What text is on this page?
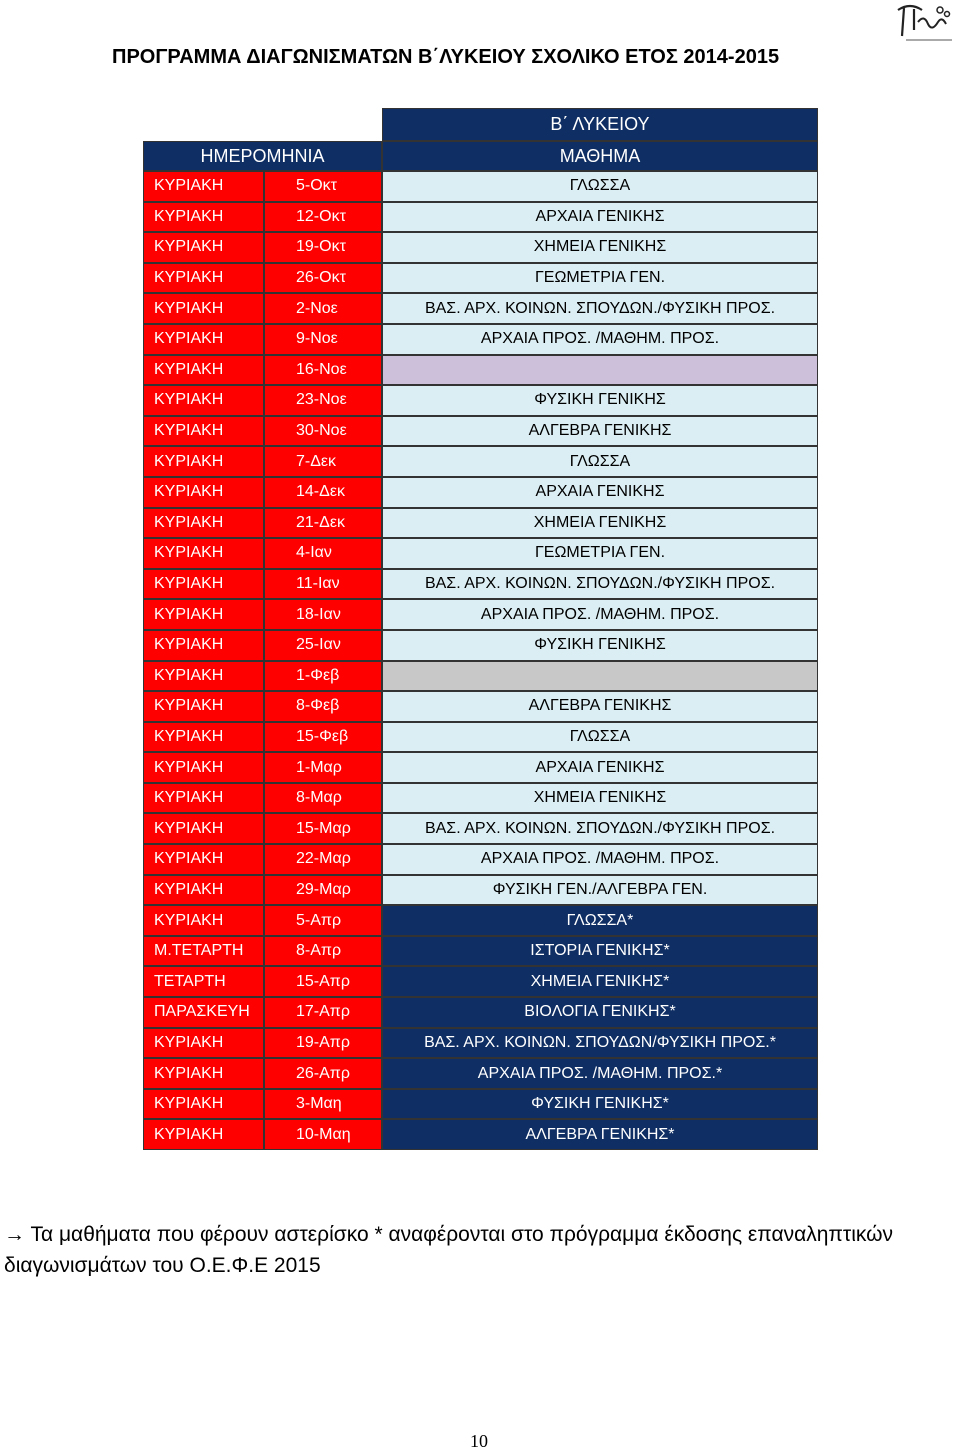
ΠΡΟΓΡΑΜΜΑ ΔΙΑΓΩΝΙΣΜΑΤΩΝ Β΄ΛΥΚΕΙΟΥ ΣΧΟΛΙΚΟ ΕΤΟΣ 2014-2015
Β΄ ΛΥΚΕΙΟΥ
ΗΜΕΡΟΜΗΝΙΑ	ΜΑΘΗΜΑ
ΚΥΡΙΑΚΗ	5-Οκτ	ΓΛΩΣΣΑ
ΚΥΡΙΑΚΗ	12-Οκτ	ΑΡΧΑΙΑ ΓΕΝΙΚΗΣ
ΚΥΡΙΑΚΗ	19-Οκτ	ΧΗΜΕΙΑ ΓΕΝΙΚΗΣ
ΚΥΡΙΑΚΗ	26-Οκτ	ΓΕΩΜΕΤΡΙΑ ΓΕΝ.
ΚΥΡΙΑΚΗ	2-Νοε	ΒΑΣ. ΑΡΧ. ΚΟΙΝΩΝ. ΣΠΟΥΔΩΝ./ΦΥΣΙΚΗ ΠΡΟΣ.
ΚΥΡΙΑΚΗ	9-Νοε	ΑΡΧΑΙΑ ΠΡΟΣ. /ΜΑΘΗΜ. ΠΡΟΣ.
ΚΥΡΙΑΚΗ	16-Νοε
ΚΥΡΙΑΚΗ	23-Νοε	ΦΥΣΙΚΗ ΓΕΝΙΚΗΣ
ΚΥΡΙΑΚΗ	30-Νοε	ΑΛΓΕΒΡΑ ΓΕΝΙΚΗΣ
ΚΥΡΙΑΚΗ	7-Δεκ	ΓΛΩΣΣΑ
ΚΥΡΙΑΚΗ	14-Δεκ	ΑΡΧΑΙΑ ΓΕΝΙΚΗΣ
ΚΥΡΙΑΚΗ	21-Δεκ	ΧΗΜΕΙΑ ΓΕΝΙΚΗΣ
ΚΥΡΙΑΚΗ	4-Ιαν	ΓΕΩΜΕΤΡΙΑ ΓΕΝ.
ΚΥΡΙΑΚΗ	11-Ιαν	ΒΑΣ. ΑΡΧ. ΚΟΙΝΩΝ. ΣΠΟΥΔΩΝ./ΦΥΣΙΚΗ ΠΡΟΣ.
ΚΥΡΙΑΚΗ	18-Ιαν	ΑΡΧΑΙΑ ΠΡΟΣ. /ΜΑΘΗΜ. ΠΡΟΣ.
ΚΥΡΙΑΚΗ	25-Ιαν	ΦΥΣΙΚΗ ΓΕΝΙΚΗΣ
ΚΥΡΙΑΚΗ	1-Φεβ
ΚΥΡΙΑΚΗ	8-Φεβ	ΑΛΓΕΒΡΑ ΓΕΝΙΚΗΣ
ΚΥΡΙΑΚΗ	15-Φεβ	ΓΛΩΣΣΑ
ΚΥΡΙΑΚΗ	1-Μαρ	ΑΡΧΑΙΑ ΓΕΝΙΚΗΣ
ΚΥΡΙΑΚΗ	8-Μαρ	ΧΗΜΕΙΑ ΓΕΝΙΚΗΣ
ΚΥΡΙΑΚΗ	15-Μαρ	ΒΑΣ. ΑΡΧ. ΚΟΙΝΩΝ. ΣΠΟΥΔΩΝ./ΦΥΣΙΚΗ ΠΡΟΣ.
ΚΥΡΙΑΚΗ	22-Μαρ	ΑΡΧΑΙΑ ΠΡΟΣ. /ΜΑΘΗΜ. ΠΡΟΣ.
ΚΥΡΙΑΚΗ	29-Μαρ	ΦΥΣΙΚΗ ΓΕΝ./ΑΛΓΕΒΡΑ ΓΕΝ.
ΚΥΡΙΑΚΗ	5-Απρ	ΓΛΩΣΣΑ*
Μ.ΤΕΤΑΡΤΗ	8-Απρ	ΙΣΤΟΡΙΑ ΓΕΝΙΚΗΣ*
ΤΕΤΑΡΤΗ	15-Απρ	ΧΗΜΕΙΑ ΓΕΝΙΚΗΣ*
ΠΑΡΑΣΚΕΥΗ	17-Απρ	ΒΙΟΛΟΓΙΑ ΓΕΝΙΚΗΣ*
ΚΥΡΙΑΚΗ	19-Απρ	ΒΑΣ. ΑΡΧ. ΚΟΙΝΩΝ. ΣΠΟΥΔΩΝ/ΦΥΣΙΚΗ ΠΡΟΣ.*
ΚΥΡΙΑΚΗ	26-Απρ	ΑΡΧΑΙΑ ΠΡΟΣ. /ΜΑΘΗΜ. ΠΡΟΣ.*
ΚΥΡΙΑΚΗ	3-Μαη	ΦΥΣΙΚΗ ΓΕΝΙΚΗΣ*
ΚΥΡΙΑΚΗ	10-Μαη	ΑΛΓΕΒΡΑ ΓΕΝΙΚΗΣ*
→ Τα μαθήματα που φέρουν αστερίσκο * αναφέρονται στο πρόγραμμα έκδοσης επαναληπτικών διαγωνισμάτων του Ο.Ε.Φ.Ε 2015
10
